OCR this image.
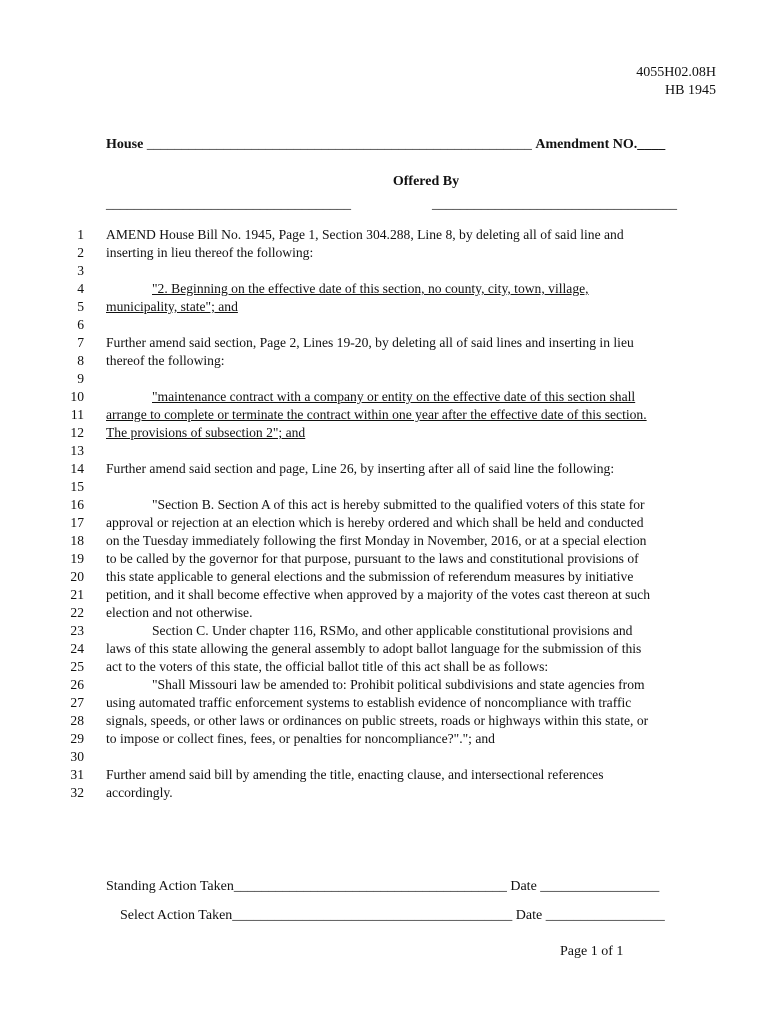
4055H02.08H
HB 1945
House _______________________________________________________ Amendment NO.____
Offered By
___________________________________	___________________________________
1 AMEND House Bill No. 1945, Page 1, Section 304.288, Line 8, by deleting all of said line and
2 inserting in lieu thereof the following:
3
4	"2. Beginning on the effective date of this section, no county, city, town, village,
5 municipality, state"; and
6
7 Further amend said section, Page 2, Lines 19-20, by deleting all of said lines and inserting in lieu
8 thereof the following:
9
10	"maintenance contract with a company or entity on the effective date of this section shall
11 arrange to complete or terminate the contract within one year after the effective date of this section.
12 The provisions of subsection 2"; and
13
14 Further amend said section and page, Line 26, by inserting after all of said line the following:
15
16	"Section B. Section A of this act is hereby submitted to the qualified voters of this state for
17 approval or rejection at an election which is hereby ordered and which shall be held and conducted
18 on the Tuesday immediately following the first Monday in November, 2016, or at a special election
19 to be called by the governor for that purpose, pursuant to the laws and constitutional provisions of
20 this state applicable to general elections and the submission of referendum measures by initiative
21 petition, and it shall become effective when approved by a majority of the votes cast thereon at such
22 election and not otherwise.
23	Section C. Under chapter 116, RSMo, and other applicable constitutional provisions and
24 laws of this state allowing the general assembly to adopt ballot language for the submission of this
25 act to the voters of this state, the official ballot title of this act shall be as follows:
26	"Shall Missouri law be amended to: Prohibit political subdivisions and state agencies from
27 using automated traffic enforcement systems to establish evidence of noncompliance with traffic
28 signals, speeds, or other laws or ordinances on public streets, roads or highways within this state, or
29 to impose or collect fines, fees, or penalties for noncompliance?"."; and
30
31 Further amend said bill by amending the title, enacting clause, and intersectional references
32 accordingly.
Standing Action Taken_______________________________________ Date _________________
Select Action Taken________________________________________ Date _________________
Page 1 of 1
